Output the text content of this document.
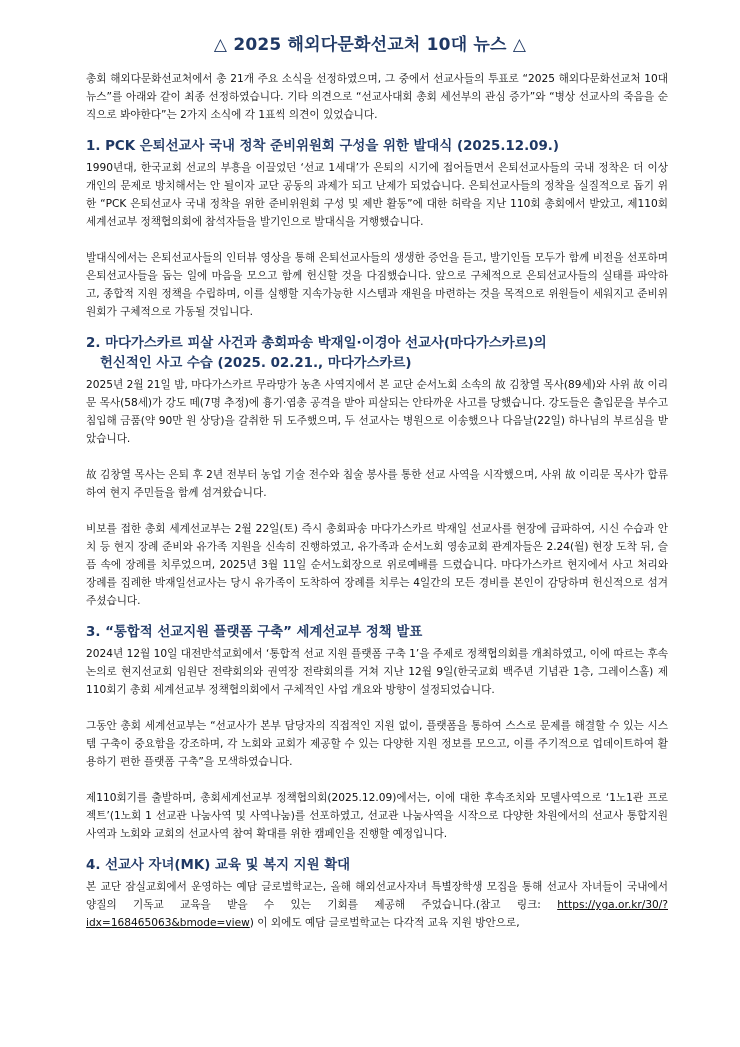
△ 2025 해외다문화선교처 10대 뉴스 △

총회 해외다문화선교처에서 총 21개 주요 소식을 선정하였으며, 그 중에서 선교사들의 투표로 “2025 해외다문화선교처 10대 뉴스”를 아래와 같이 최종 선정하였습니다. 기타 의견으로 “선교사대회 총회 세선부의 관심 증가”와 “병상 선교사의 죽음을 순직으로 봐야한다”는 2가지 소식에 각 1표씩 의견이 있었습니다.

1. PCK 은퇴선교사 국내 정착 준비위원회 구성을 위한 발대식 (2025.12.09.)

1990년대, 한국교회 선교의 부흥을 이끌었던 ‘선교 1세대’가 은퇴의 시기에 접어들면서 은퇴선교사들의 국내 정착은 더 이상 개인의 문제로 방치해서는 안 될이자 교단 공동의 과제가 되고 난제가 되었습니다. 은퇴선교사들의 정착을 실질적으로 돕기 위한 “PCK 은퇴선교사 국내 정착을 위한 준비위원회 구성 및 제반 활동”에 대한 허락을 지난 110회 총회에서 받았고, 제110회 세계선교부 정책협의회에 참석자들을 발기인으로 발대식을 거행했습니다.

발대식에서는 은퇴선교사들의 인터뷰 영상을 통해 은퇴선교사들의 생생한 증언을 듣고, 발기인들 모두가 함께 비전을 선포하며 은퇴선교사들을 돕는 일에 마음을 모으고 함께 헌신할 것을 다짐했습니다. 앞으로 구체적으로 은퇴선교사들의 실태를 파악하고, 종합적 지원 정책을 수립하며, 이를 실행할 지속가능한 시스템과 재원을 마련하는 것을 목적으로 위원들이 세워지고 준비위원회가 구체적으로 가동될 것입니다.

2. 마다가스카르 피살 사건과 총회파송 박재일·이경아 선교사(마다가스카르)의
헌신적인 사고 수습 (2025. 02.21., 마다가스카르)

2025년 2월 21일 밤, 마다가스카르 무라망가 농촌 사역지에서 본 교단 순서노회 소속의 故 김창열 목사(89세)와 사위 故 이리문 목사(58세)가 강도 떼(7명 추정)에 흉기·엽총 공격을 받아 피살되는 안타까운 사고를 당했습니다. 강도들은 출입문을 부수고 침입해 금품(약 90만 원 상당)을 갈취한 뒤 도주했으며, 두 선교사는 병원으로 이송했으나 다음날(22일) 하나님의 부르심을 받았습니다.

故 김창열 목사는 은퇴 후 2년 전부터 농업 기술 전수와 침술 봉사를 통한 선교 사역을 시작했으며, 사위 故 이리문 목사가 합류하여 현지 주민들을 함께 섬겨왔습니다.

비보를 접한 총회 세계선교부는 2월 22일(토) 즉시 총회파송 마다가스카르 박재일 선교사를 현장에 급파하여, 시신 수습과 안치 등 현지 장례 준비와 유가족 지원을 신속히 진행하였고, 유가족과 순서노회 영송교회 관계자들은 2.24(월) 현장 도착 뒤, 슬픔 속에 장례를 치루었으며, 2025년 3월 11일 순서노회장으로 위로예배를 드렸습니다. 마다가스카르 현지에서 사고 처리와 장례를 집례한 박재일선교사는 당시 유가족이 도착하여 장례를 치루는 4일간의 모든 경비를 본인이 감당하며 헌신적으로 섬겨주셨습니다.

3. “통합적 선교지원 플랫폼 구축” 세계선교부 정책 발표

2024년 12월 10일 대전반석교회에서 ‘통합적 선교 지원 플랫폼 구축 1’을 주제로 정책협의회를 개최하였고, 이에 따르는 후속 논의로 현지선교회 임원단 전략회의와 권역장 전략회의를 거쳐 지난 12월 9일(한국교회 백주년 기념관 1층, 그레이스홀) 제110회기 총회 세계선교부 정책협의회에서 구체적인 사업 개요와 방향이 설정되었습니다.

그동안 총회 세계선교부는 “선교사가 본부 담당자의 직접적인 지원 없이, 플랫폼을 통하여 스스로 문제를 해결할 수 있는 시스템 구축이 중요함을 강조하며, 각 노회와 교회가 제공할 수 있는 다양한 지원 정보를 모으고, 이를 주기적으로 업데이트하여 활용하기 편한 플랫폼 구축”을 모색하였습니다.

제110회기를 출발하며, 총회세계선교부 정책협의회(2025.12.09)에서는, 이에 대한 후속조치와 모델사역으로 ‘1노1관 프로젝트’(1노회 1 선교관 나눔사역 및 사역나눔)를 선포하였고, 선교관 나눔사역을 시작으로 다양한 차원에서의 선교사 통합지원 사역과 노회와 교회의 선교사역 참여 확대를 위한 캠페인을 진행할 예정입니다.

4. 선교사 자녀(MK) 교육 및 복지 지원 확대

본 교단 잠실교회에서 운영하는 예담 글로벌학교는, 올해 해외선교사자녀 특별장학생 모집을 통해 선교사 자녀들이 국내에서 양질의 기독교 교육을 받을 수 있는 기회를 제공해 주었습니다.(참고 링크: https://yga.or.kr/30/?idx=168465063&bmode=view) 이 외에도 예담 글로벌학교는 다각적 교육 지원 방안으로,
